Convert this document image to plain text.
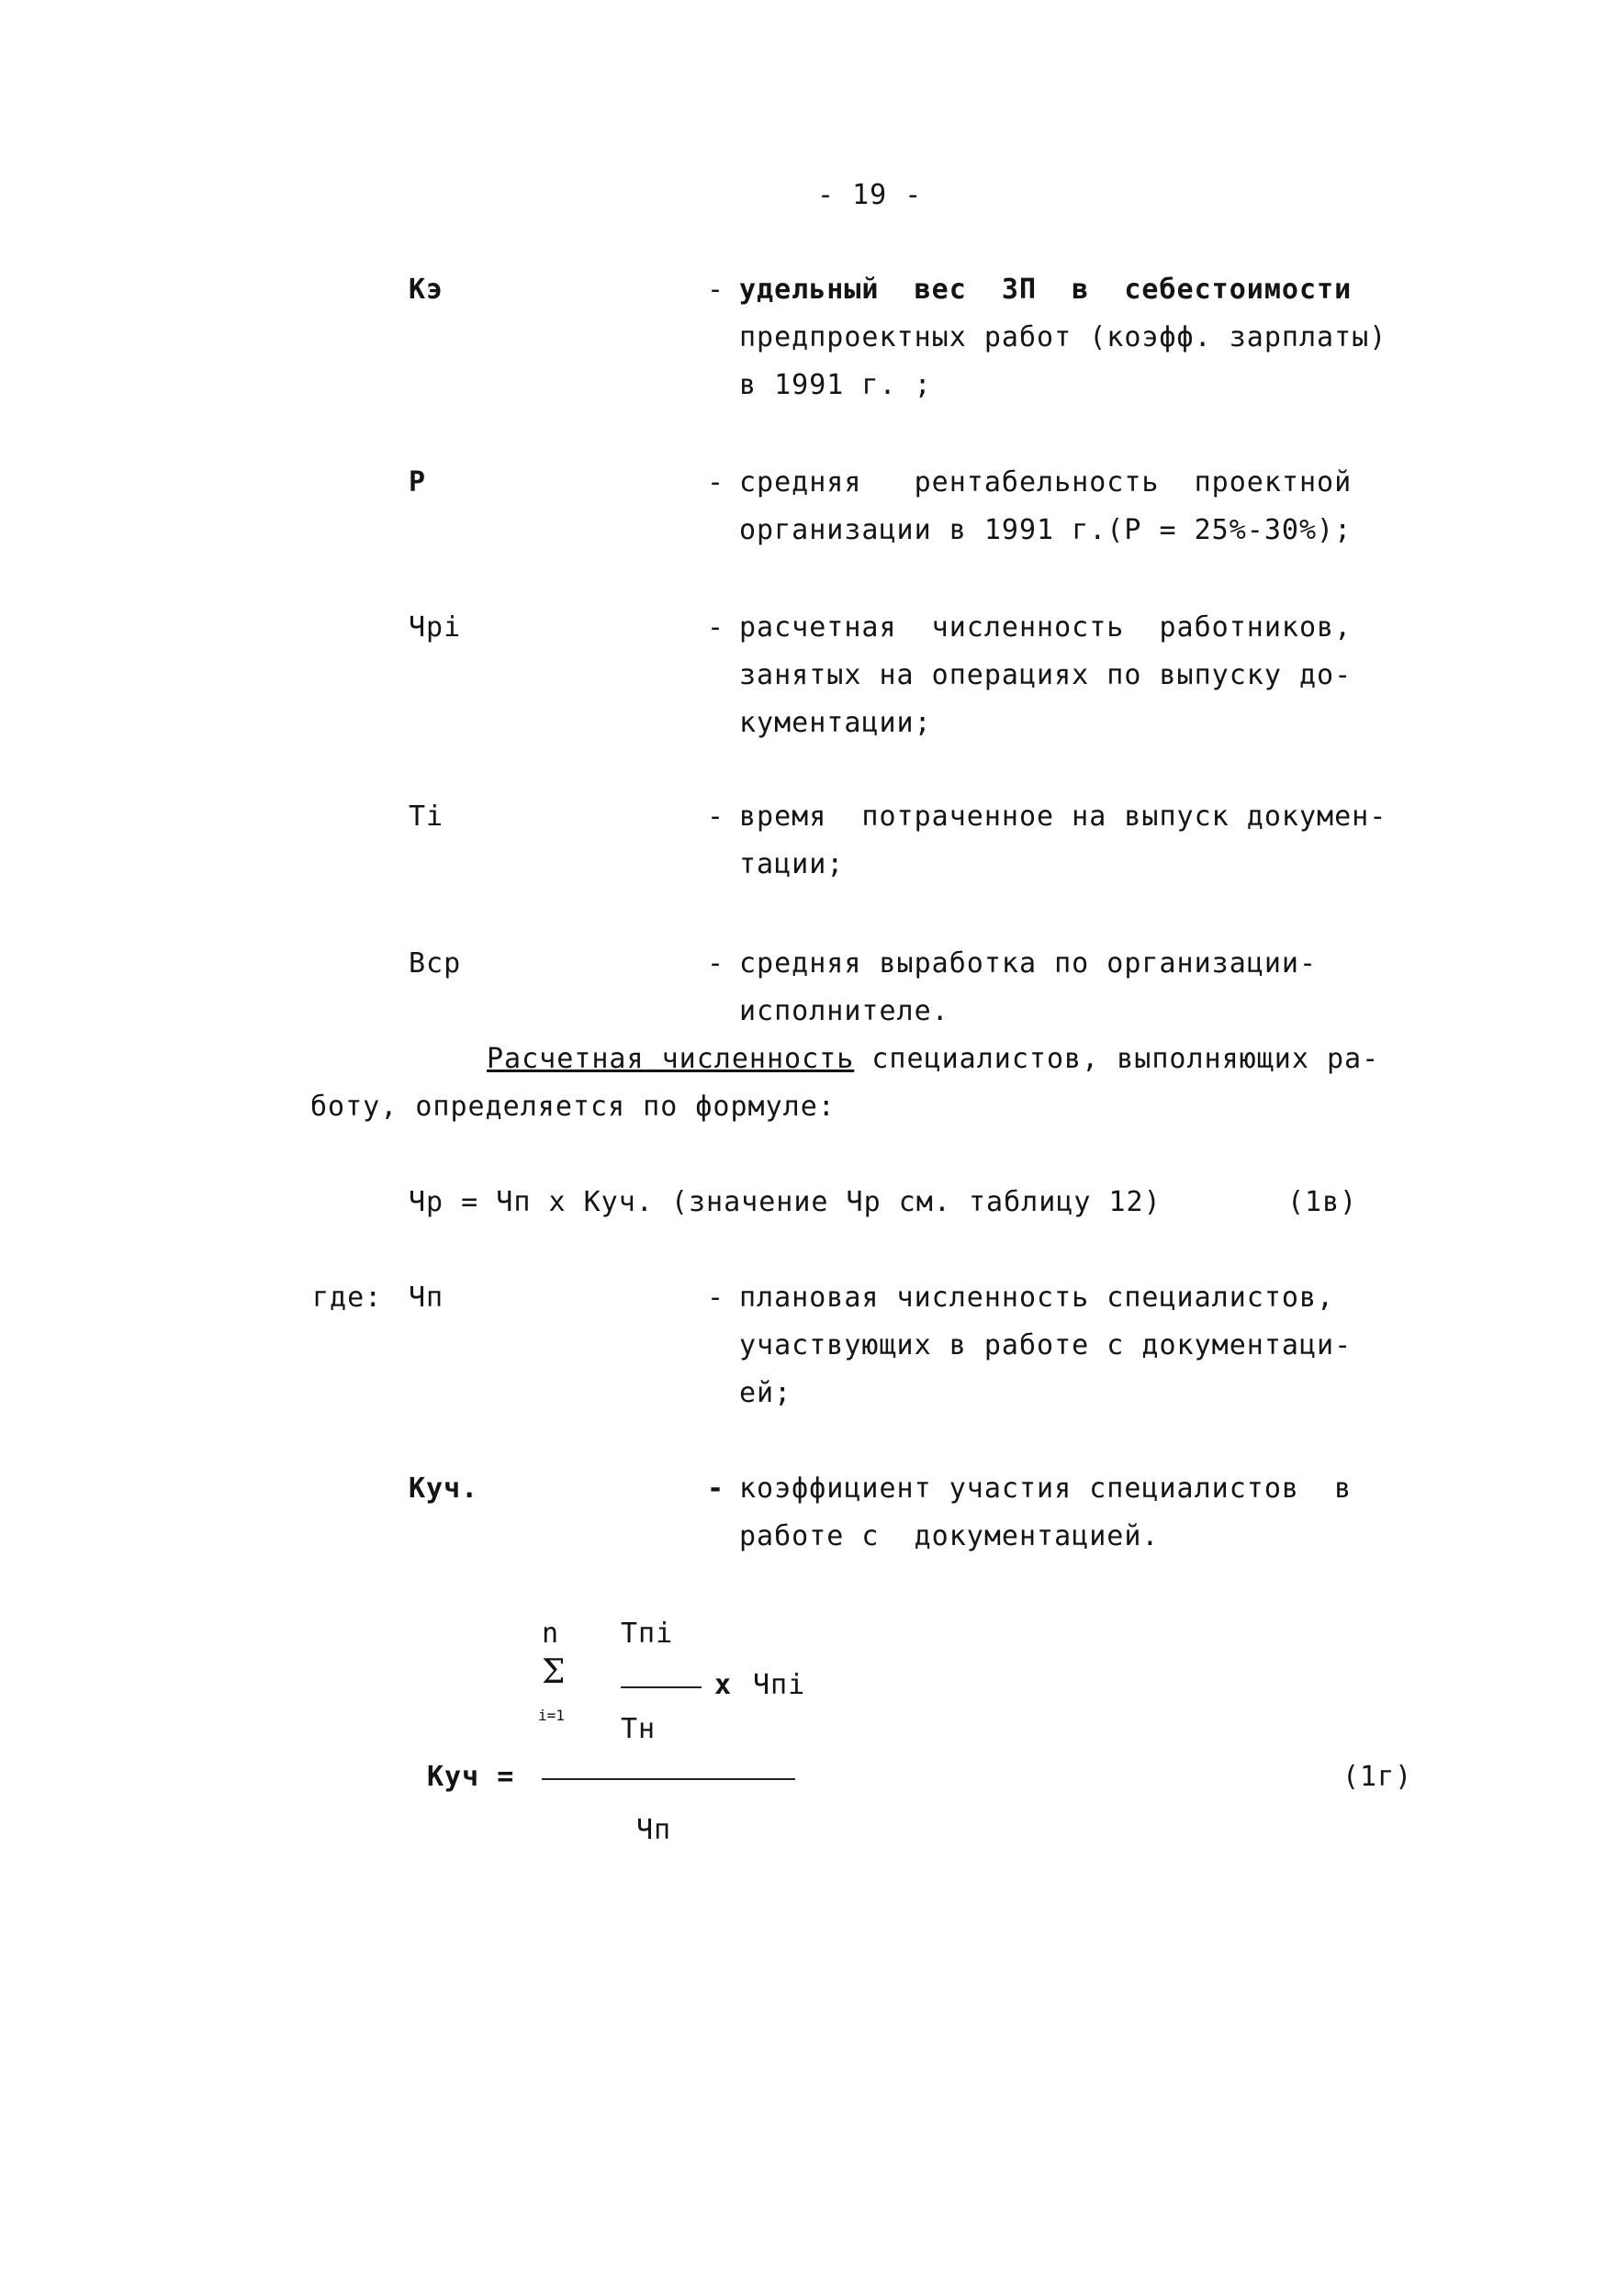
- 19 -
Кэ	- удельный  вес  ЗП  в  себестоимости
предпроектных работ (коэфф. зарплаты)
в 1991 г. ;
Р	- средняя   рентабельность  проектной
организации в 1991 г.(Р = 25%-30%);
Чрi	- расчетная  численность  работников,
занятых на операциях по выпуску до-
кументации;
Тi	- время  потраченное на выпуск докумен-
тации;
Вср	- средняя выработка по организации-
исполнителе.
Расчетная численность специалистов, выполняющих ра-
боту, определяется по формуле:
Чр = Чп х Куч. (значение Чр см. таблицу 12)	(1в)
где: Чп	- плановая численность специалистов,
участвующих в работе с документаци-
ей;
Куч.	- коэффициент участия специалистов  в
работе с  документацией.
n
Σ
i=1
Тпi
Тн
х Чпi
Куч =	(1г)
Чп
